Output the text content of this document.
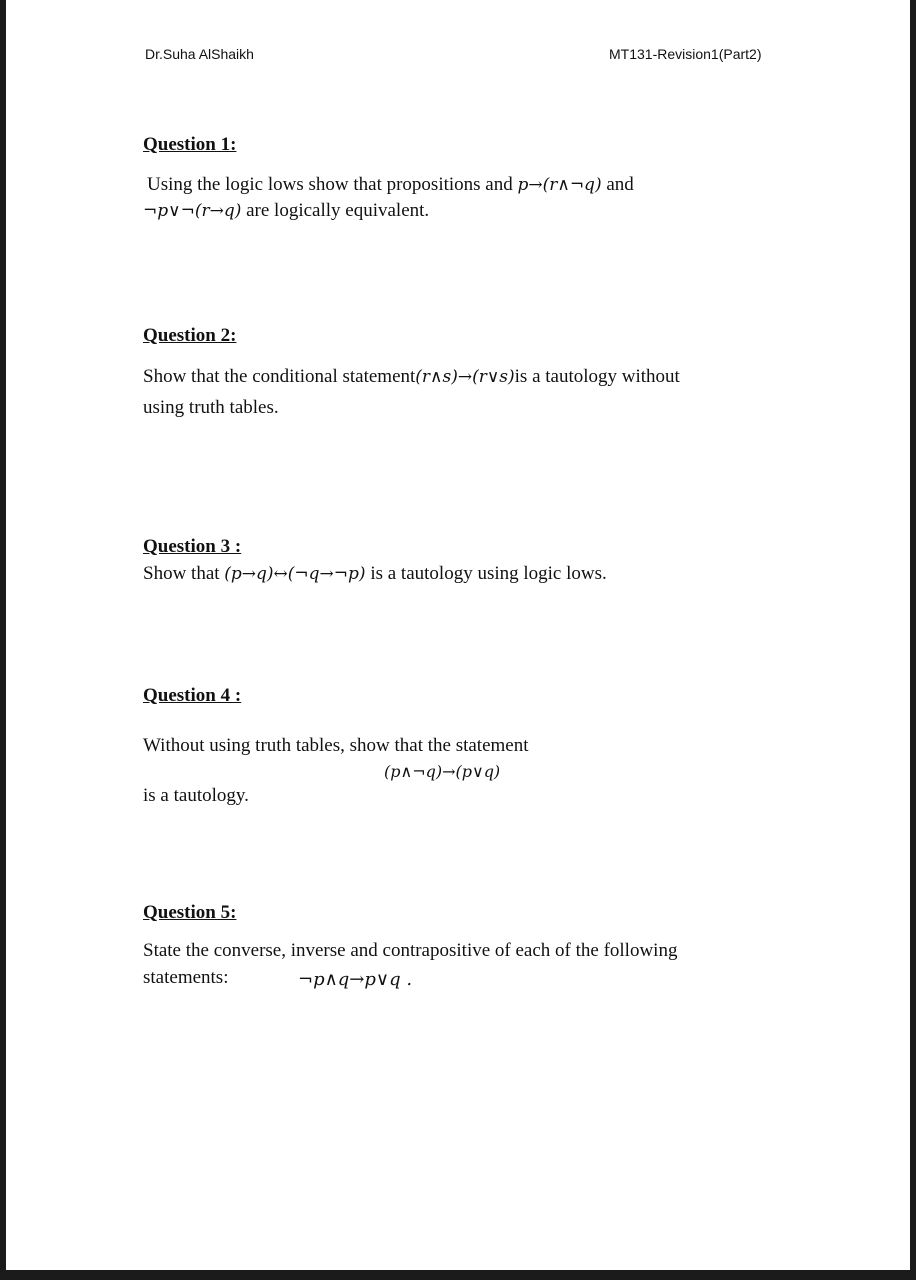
Dr.Suha AlShaikh	MT131-Revision1(Part2)
Question 1:
Using the logic lows show that propositions and p→(r∧¬q) and
¬p∨¬(r→q) are logically equivalent.
Question 2:
Show that the conditional statement(r∧s)→(r∨s)is a tautology without
using truth tables.
Question 3 :
Show that (p→q)↔(¬q→¬p) is a tautology using logic lows.
Question 4 :
Without using truth tables, show that the statement
(p∧¬q)→(p∨q)
is a tautology.
Question 5:
State the converse, inverse and contrapositive of each of the following
statements:	¬p∧q→p∨q .
